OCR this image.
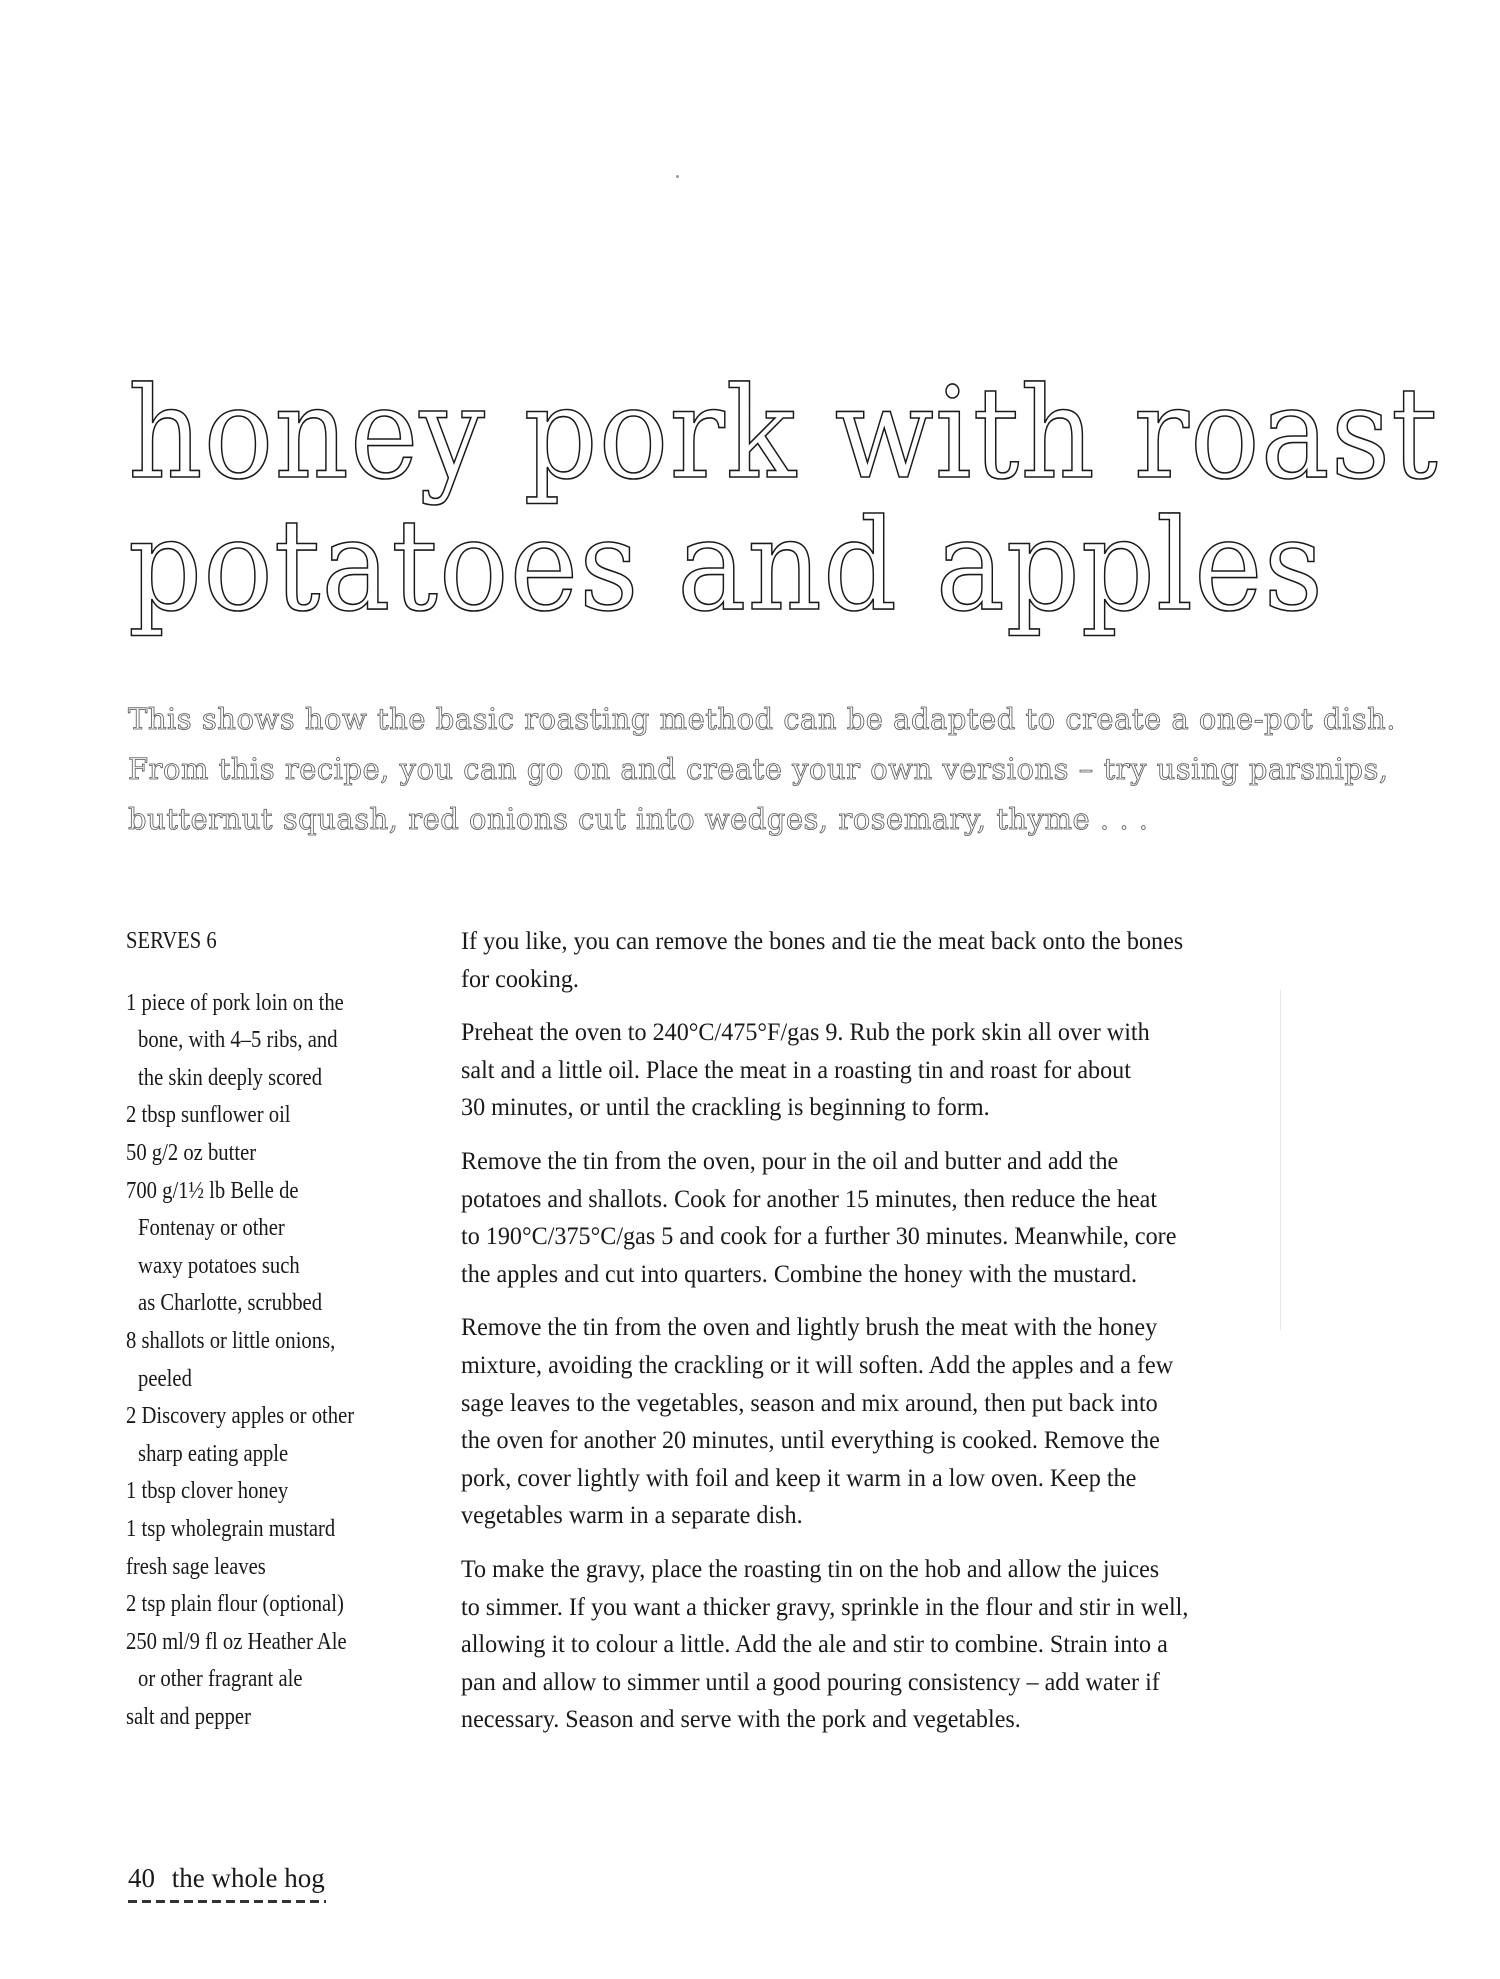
honey pork with roast
potatoes and apples

This shows how the basic roasting method can be adapted to create a one-pot dish.
From this recipe, you can go on and create your own versions – try using parsnips,
butternut squash, red onions cut into wedges, rosemary, thyme . . .

SERVES 6
1 piece of pork loin on the
bone, with 4–5 ribs, and
the skin deeply scored
2 tbsp sunflower oil
50 g/2 oz butter
700 g/1½ lb Belle de
Fontenay or other
waxy potatoes such
as Charlotte, scrubbed
8 shallots or little onions,
peeled
2 Discovery apples or other
sharp eating apple
1 tbsp clover honey
1 tsp wholegrain mustard
fresh sage leaves
2 tsp plain flour (optional)
250 ml/9 fl oz Heather Ale
or other fragrant ale
salt and pepper

If you like, you can remove the bones and tie the meat back onto the bones
for cooking.

Preheat the oven to 240°C/475°F/gas 9. Rub the pork skin all over with
salt and a little oil. Place the meat in a roasting tin and roast for about
30 minutes, or until the crackling is beginning to form.

Remove the tin from the oven, pour in the oil and butter and add the
potatoes and shallots. Cook for another 15 minutes, then reduce the heat
to 190°C/375°C/gas 5 and cook for a further 30 minutes. Meanwhile, core
the apples and cut into quarters. Combine the honey with the mustard.

Remove the tin from the oven and lightly brush the meat with the honey
mixture, avoiding the crackling or it will soften. Add the apples and a few
sage leaves to the vegetables, season and mix around, then put back into
the oven for another 20 minutes, until everything is cooked. Remove the
pork, cover lightly with foil and keep it warm in a low oven. Keep the
vegetables warm in a separate dish.

To make the gravy, place the roasting tin on the hob and allow the juices
to simmer. If you want a thicker gravy, sprinkle in the flour and stir in well,
allowing it to colour a little. Add the ale and stir to combine. Strain into a
pan and allow to simmer until a good pouring consistency – add water if
necessary. Season and serve with the pork and vegetables.

40 the whole hog
